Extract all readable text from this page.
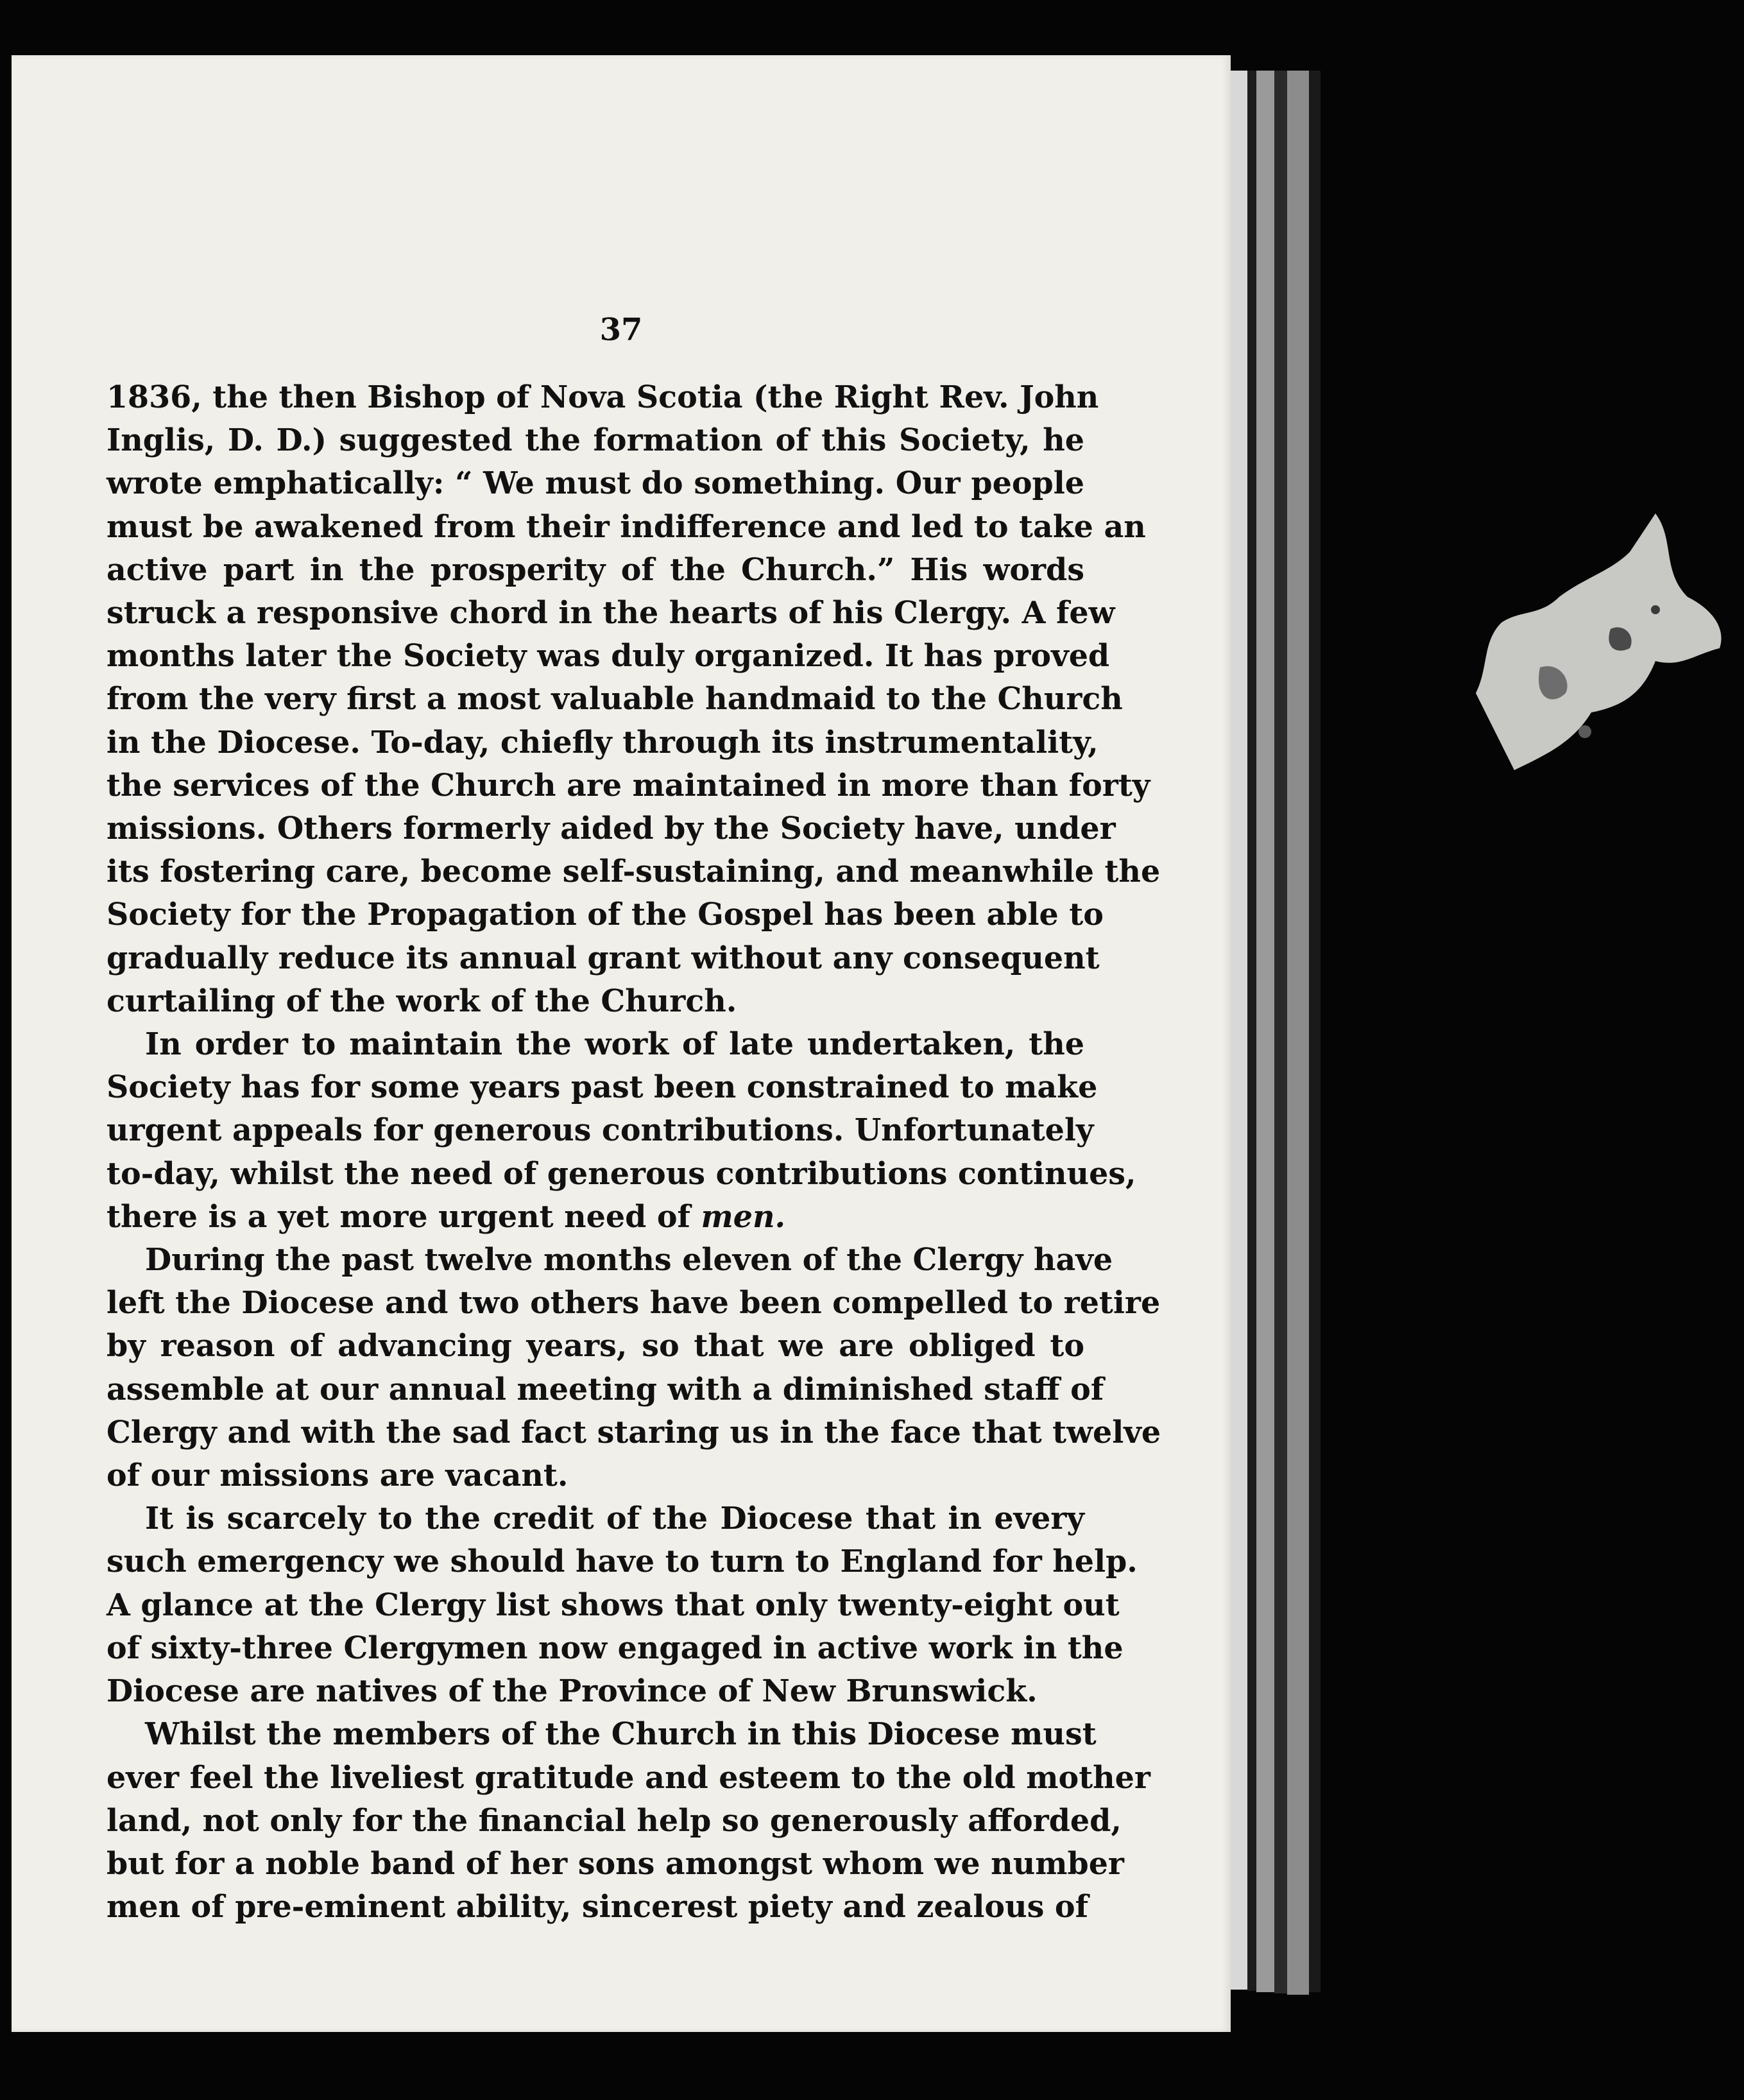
37

1836, the then Bishop of Nova Scotia (the Right Rev. John
Inglis, D. D.) suggested the formation of this Society, he
wrote emphatically: “ We must do something. Our people
must be awakened from their indifference and led to take an
active part in the prosperity of the Church.” His words
struck a responsive chord in the hearts of his Clergy. A few
months later the Society was duly organized. It has proved
from the very first a most valuable handmaid to the Church
in the Diocese. To-day, chiefly through its instrumentality,
the services of the Church are maintained in more than forty
missions. Others formerly aided by the Society have, under
its fostering care, become self-sustaining, and meanwhile the
Society for the Propagation of the Gospel has been able to
gradually reduce its annual grant without any consequent
curtailing of the work of the Church.

In order to maintain the work of late undertaken, the
Society has for some years past been constrained to make
urgent appeals for generous contributions. Unfortunately
to-day, whilst the need of generous contributions continues,
there is a yet more urgent need of men.

During the past twelve months eleven of the Clergy have
left the Diocese and two others have been compelled to retire
by reason of advancing years, so that we are obliged to
assemble at our annual meeting with a diminished staff of
Clergy and with the sad fact staring us in the face that twelve
of our missions are vacant.

It is scarcely to the credit of the Diocese that in every
such emergency we should have to turn to England for help.
A glance at the Clergy list shows that only twenty-eight out
of sixty-three Clergymen now engaged in active work in the
Diocese are natives of the Province of New Brunswick.

Whilst the members of the Church in this Diocese must
ever feel the liveliest gratitude and esteem to the old mother
land, not only for the financial help so generously afforded,
but for a noble band of her sons amongst whom we number
men of pre-eminent ability, sincerest piety and zealous of
